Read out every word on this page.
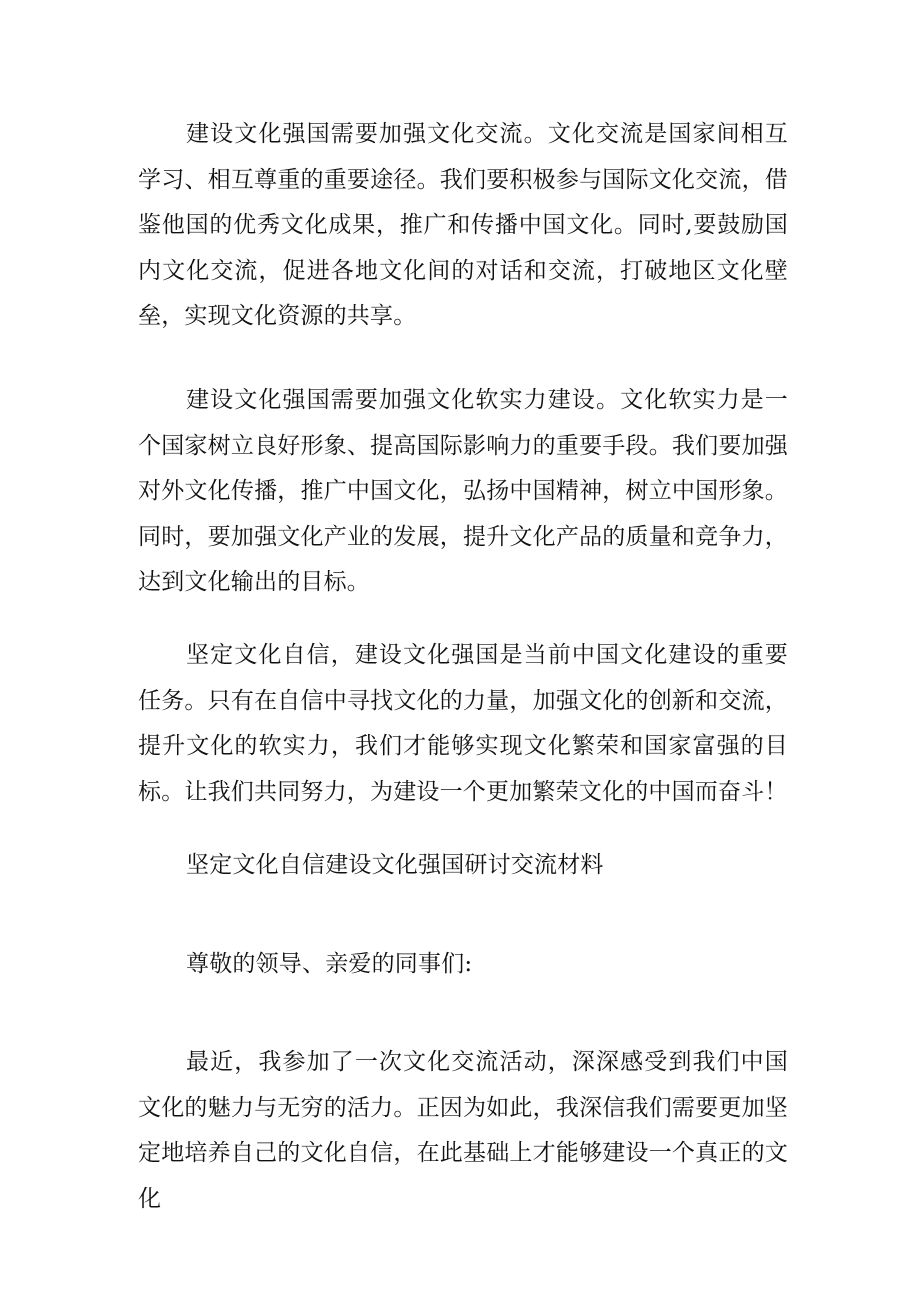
建设文化强国需要加强文化交流。文化交流是国家间相互学习、相互尊重的重要途径。我们要积极参与国际文化交流，借鉴他国的优秀文化成果，推广和传播中国文化。同时,要鼓励国内文化交流，促进各地文化间的对话和交流，打破地区文化壁垒，实现文化资源的共享。

建设文化强国需要加强文化软实力建设。文化软实力是一个国家树立良好形象、提高国际影响力的重要手段。我们要加强对外文化传播，推广中国文化，弘扬中国精神，树立中国形象。同时，要加强文化产业的发展，提升文化产品的质量和竞争力，达到文化输出的目标。

坚定文化自信，建设文化强国是当前中国文化建设的重要任务。只有在自信中寻找文化的力量，加强文化的创新和交流，提升文化的软实力，我们才能够实现文化繁荣和国家富强的目标。让我们共同努力，为建设一个更加繁荣文化的中国而奋斗！

坚定文化自信建设文化强国研讨交流材料

尊敬的领导、亲爱的同事们:

最近，我参加了一次文化交流活动，深深感受到我们中国文化的魅力与无穷的活力。正因为如此，我深信我们需要更加坚定地培养自己的文化自信，在此基础上才能够建设一个真正的文化
